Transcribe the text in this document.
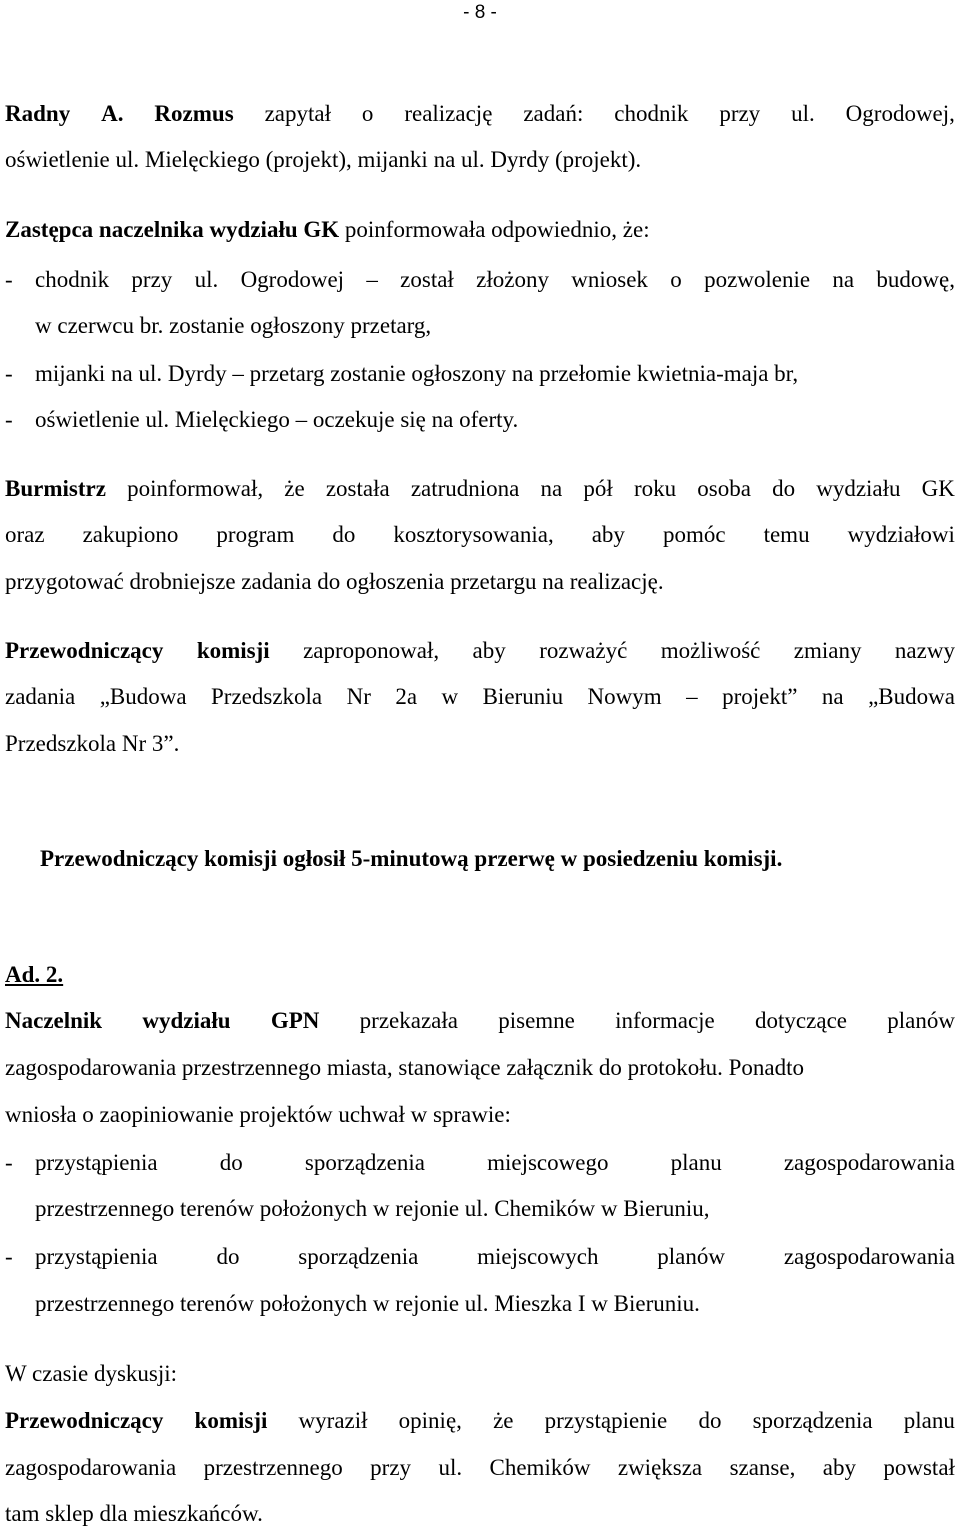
- 8 -
Radny A. Rozmus zapytał o realizację zadań: chodnik przy ul. Ogrodowej,
oświetlenie ul. Mielęckiego (projekt), mijanki na ul. Dyrdy (projekt).
Zastępca naczelnika wydziału GK poinformowała odpowiednio, że:
- chodnik przy ul. Ogrodowej – został złożony wniosek o pozwolenie na budowę,
w czerwcu br. zostanie ogłoszony przetarg,
- mijanki na ul. Dyrdy – przetarg zostanie ogłoszony na przełomie kwietnia-maja br,
- oświetlenie ul. Mielęckiego – oczekuje się na oferty.
Burmistrz poinformował, że została zatrudniona na pół roku osoba do wydziału GK
oraz zakupiono program do kosztorysowania, aby pomóc temu wydziałowi
przygotować drobniejsze zadania do ogłoszenia przetargu na realizację.
Przewodniczący komisji zaproponował, aby rozważyć możliwość zmiany nazwy
zadania „Budowa Przedszkola Nr 2a w Bieruniu Nowym – projekt” na „Budowa
Przedszkola Nr 3”.
Przewodniczący komisji ogłosił 5-minutową przerwę w posiedzeniu komisji.
Ad. 2.
Naczelnik wydziału GPN przekazała pisemne informacje dotyczące planów
zagospodarowania przestrzennego miasta, stanowiące załącznik do protokołu. Ponadto
wniosła o zaopiniowanie projektów uchwał w sprawie:
- przystąpienia	do	sporządzenia	miejscowego	planu	zagospodarowania
przestrzennego terenów położonych w rejonie ul. Chemików w Bieruniu,
- przystąpienia	do	sporządzenia	miejscowych	planów	zagospodarowania
przestrzennego terenów położonych w rejonie ul. Mieszka I w Bieruniu.
W czasie dyskusji:
Przewodniczący komisji wyraził opinię, że przystąpienie do sporządzenia planu
zagospodarowania przestrzennego przy ul. Chemików zwiększa szanse, aby powstał
tam sklep dla mieszkańców.
